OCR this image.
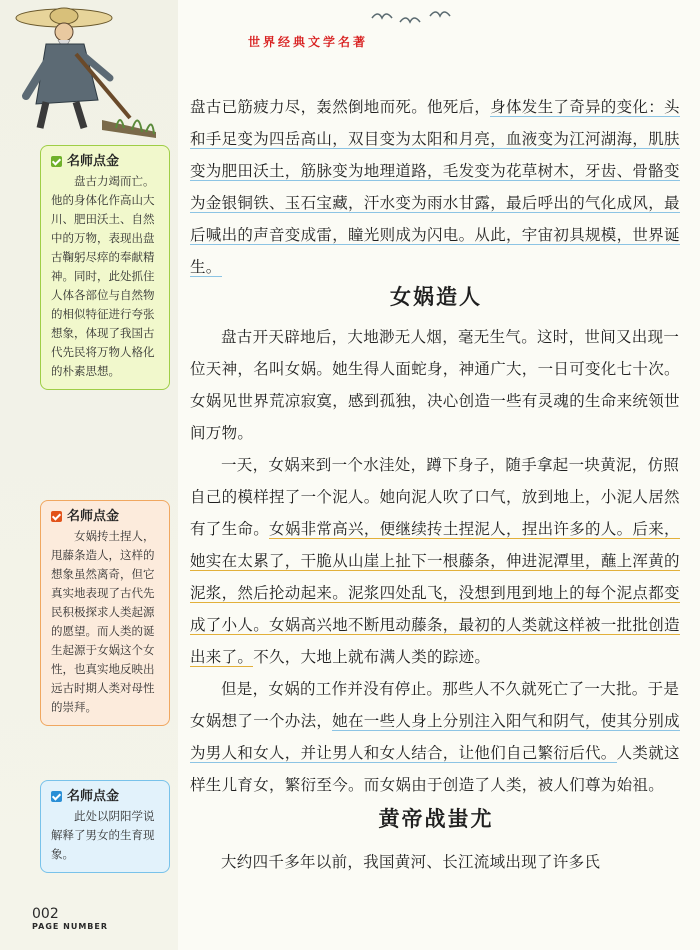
世界经典文学名著
名师点金
盘古力竭而亡。他的身体化作高山大川、肥田沃土、自然中的万物，表现出盘古鞠躬尽瘁的奉献精神。同时，此处抓住人体各部位与自然物的相似特征进行夸张想象，体现了我国古代先民将万物人格化的朴素思想。
名师点金
女娲抟土捏人，甩藤条造人，这样的想象虽然离奇，但它真实地表现了古代先民积极探求人类起源的愿望。而人类的诞生起源于女娲这个女性，也真实地反映出远古时期人类对母性的崇拜。
名师点金
此处以阴阳学说解释了男女的生育现象。

盘古已筋疲力尽，轰然倒地而死。他死后，身体发生了奇异的变化：头和手足变为四岳高山，双目变为太阳和月亮，血液变为江河湖海，肌肤变为肥田沃土，筋脉变为地理道路，毛发变为花草树木，牙齿、骨骼变为金银铜铁、玉石宝藏，汗水变为雨水甘露，最后呼出的气化成风，最后喊出的声音变成雷，瞳光则成为闪电。从此，宇宙初具规模，世界诞生。

女娲造人

盘古开天辟地后，大地渺无人烟，毫无生气。这时，世间又出现一位天神，名叫女娲。她生得人面蛇身，神通广大，一日可变化七十次。女娲见世界荒凉寂寞，感到孤独，决心创造一些有灵魂的生命来统领世间万物。

一天，女娲来到一个水洼处，蹲下身子，随手拿起一块黄泥，仿照自己的模样捏了一个泥人。她向泥人吹了口气，放到地上，小泥人居然有了生命。女娲非常高兴，便继续抟土捏泥人，捏出许多的人。后来，她实在太累了，干脆从山崖上扯下一根藤条，伸进泥潭里，蘸上浑黄的泥浆，然后抡动起来。泥浆四处乱飞，没想到甩到地上的每个泥点都变成了小人。女娲高兴地不断甩动藤条，最初的人类就这样被一批批创造出来了。不久，大地上就布满人类的踪迹。

但是，女娲的工作并没有停止。那些人不久就死亡了一大批。于是女娲想了一个办法，她在一些人身上分别注入阳气和阴气，使其分别成为男人和女人，并让男人和女人结合，让他们自己繁衍后代。人类就这样生儿育女，繁衍至今。而女娲由于创造了人类，被人们尊为始祖。

黄帝战蚩尤

大约四千多年以前，我国黄河、长江流域出现了许多氏

002
PAGE NUMBER
